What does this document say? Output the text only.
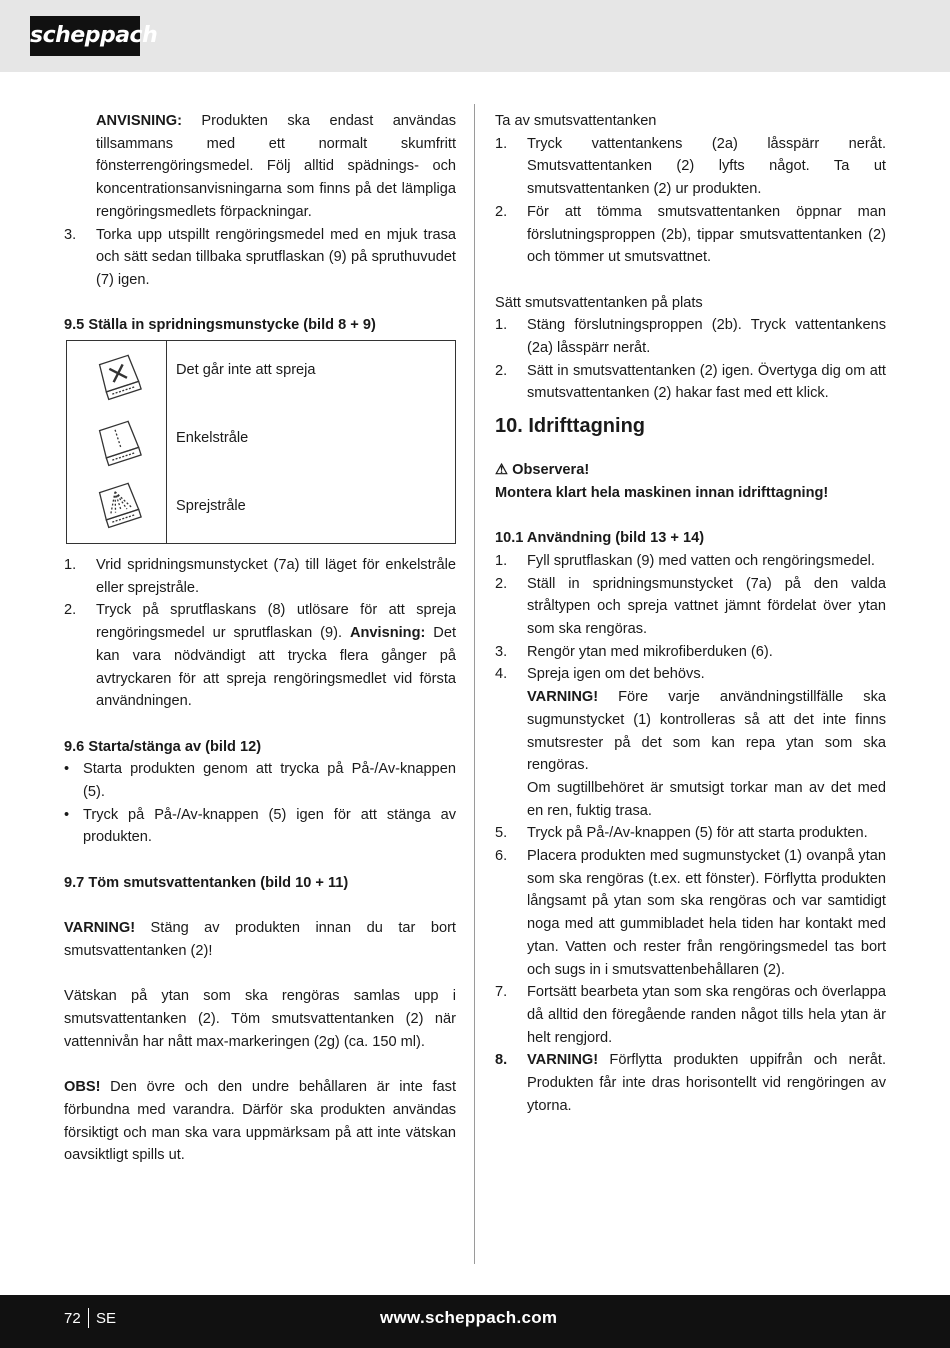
scheppach

ANVISNING: Produkten ska endast användas tillsammans med ett normalt skumfritt fönsterrengöringsmedel. Följ alltid spädnings- och koncentrationsanvisningarna som finns på det lämpliga rengöringsmedlets förpackningar.

3.	Torka upp utspillt rengöringsmedel med en mjuk trasa och sätt sedan tillbaka sprutflaskan (9) på spruthuvudet (7) igen.
9.5 Ställa in spridningsmunstycke (bild 8 + 9)
Det går inte att spreja
Enkelstråle
Sprejstråle
1.	Vrid spridningsmunstycket (7a) till läget för enkelstråle eller sprejstråle.
2.	Tryck på sprutflaskans (8) utlösare för att spreja rengöringsmedel ur sprutflaskan (9). Anvisning: Det kan vara nödvändigt att trycka flera gånger på avtryckaren för att spreja rengöringsmedlet vid första användningen.
9.6 Starta/stänga av (bild 12)
• Starta produkten genom att trycka på På-/Av-knappen (5).
• Tryck på På-/Av-knappen (5) igen för att stänga av produkten.
9.7 Töm smutsvattentanken (bild 10 + 11)

VARNING! Stäng av produkten innan du tar bort smutsvattentanken (2)!

Vätskan på ytan som ska rengöras samlas upp i smutsvattentanken (2). Töm smutsvattentanken (2) när vattennivån har nått max-markeringen (2g) (ca. 150 ml).

OBS! Den övre och den undre behållaren är inte fast förbundna med varandra. Därför ska produkten användas försiktigt och man ska vara uppmärksam på att inte vätskan oavsiktligt spills ut.

Ta av smutsvattentanken
1.	Tryck vattentankens (2a) låsspärr neråt. Smutsvattentanken (2) lyfts något. Ta ut smutsvattentanken (2) ur produkten.
2.	För att tömma smutsvattentanken öppnar man förslutningsproppen (2b), tippar smutsvattentanken (2) och tömmer ut smutsvattnet.
Sätt smutsvattentanken på plats
1.	Stäng förslutningsproppen (2b). Tryck vattentankens (2a) låsspärr neråt.
2.	Sätt in smutsvattentanken (2) igen. Övertyga dig om att smutsvattentanken (2) hakar fast med ett klick.
10. Idrifttagning
⚠ Observera!
Montera klart hela maskinen innan idrifttagning!
10.1 Användning (bild 13 + 14)
1.	Fyll sprutflaskan (9) med vatten och rengöringsmedel.
2.	Ställ in spridningsmunstycket (7a) på den valda stråltypen och spreja vattnet jämnt fördelat över ytan som ska rengöras.
3.	Rengör ytan med mikrofiberduken (6).
4.	Spreja igen om det behövs.

VARNING! Före varje användningstillfälle ska sugmunstycket (1) kontrolleras så att det inte finns smutsrester på det som kan repa ytan som ska rengöras.

Om sugtillbehöret är smutsigt torkar man av det med en ren, fuktig trasa.

5.	Tryck på På-/Av-knappen (5) för att starta produkten.
6.	Placera produkten med sugmunstycket (1) ovanpå ytan som ska rengöras (t.ex. ett fönster). Förflytta produkten långsamt på ytan som ska rengöras och var samtidigt noga med att gummibladet hela tiden har kontakt med ytan. Vatten och rester från rengöringsmedel tas bort och sugs in i smutsvattenbehållaren (2).
7.	Fortsätt bearbeta ytan som ska rengöras och överlappa då alltid den föregående randen något tills hela ytan är helt rengjord.
8.	VARNING! Förflytta produkten uppifrån och neråt. Produkten får inte dras horisontellt vid rengöringen av ytorna.
72 SE	www.scheppach.com
